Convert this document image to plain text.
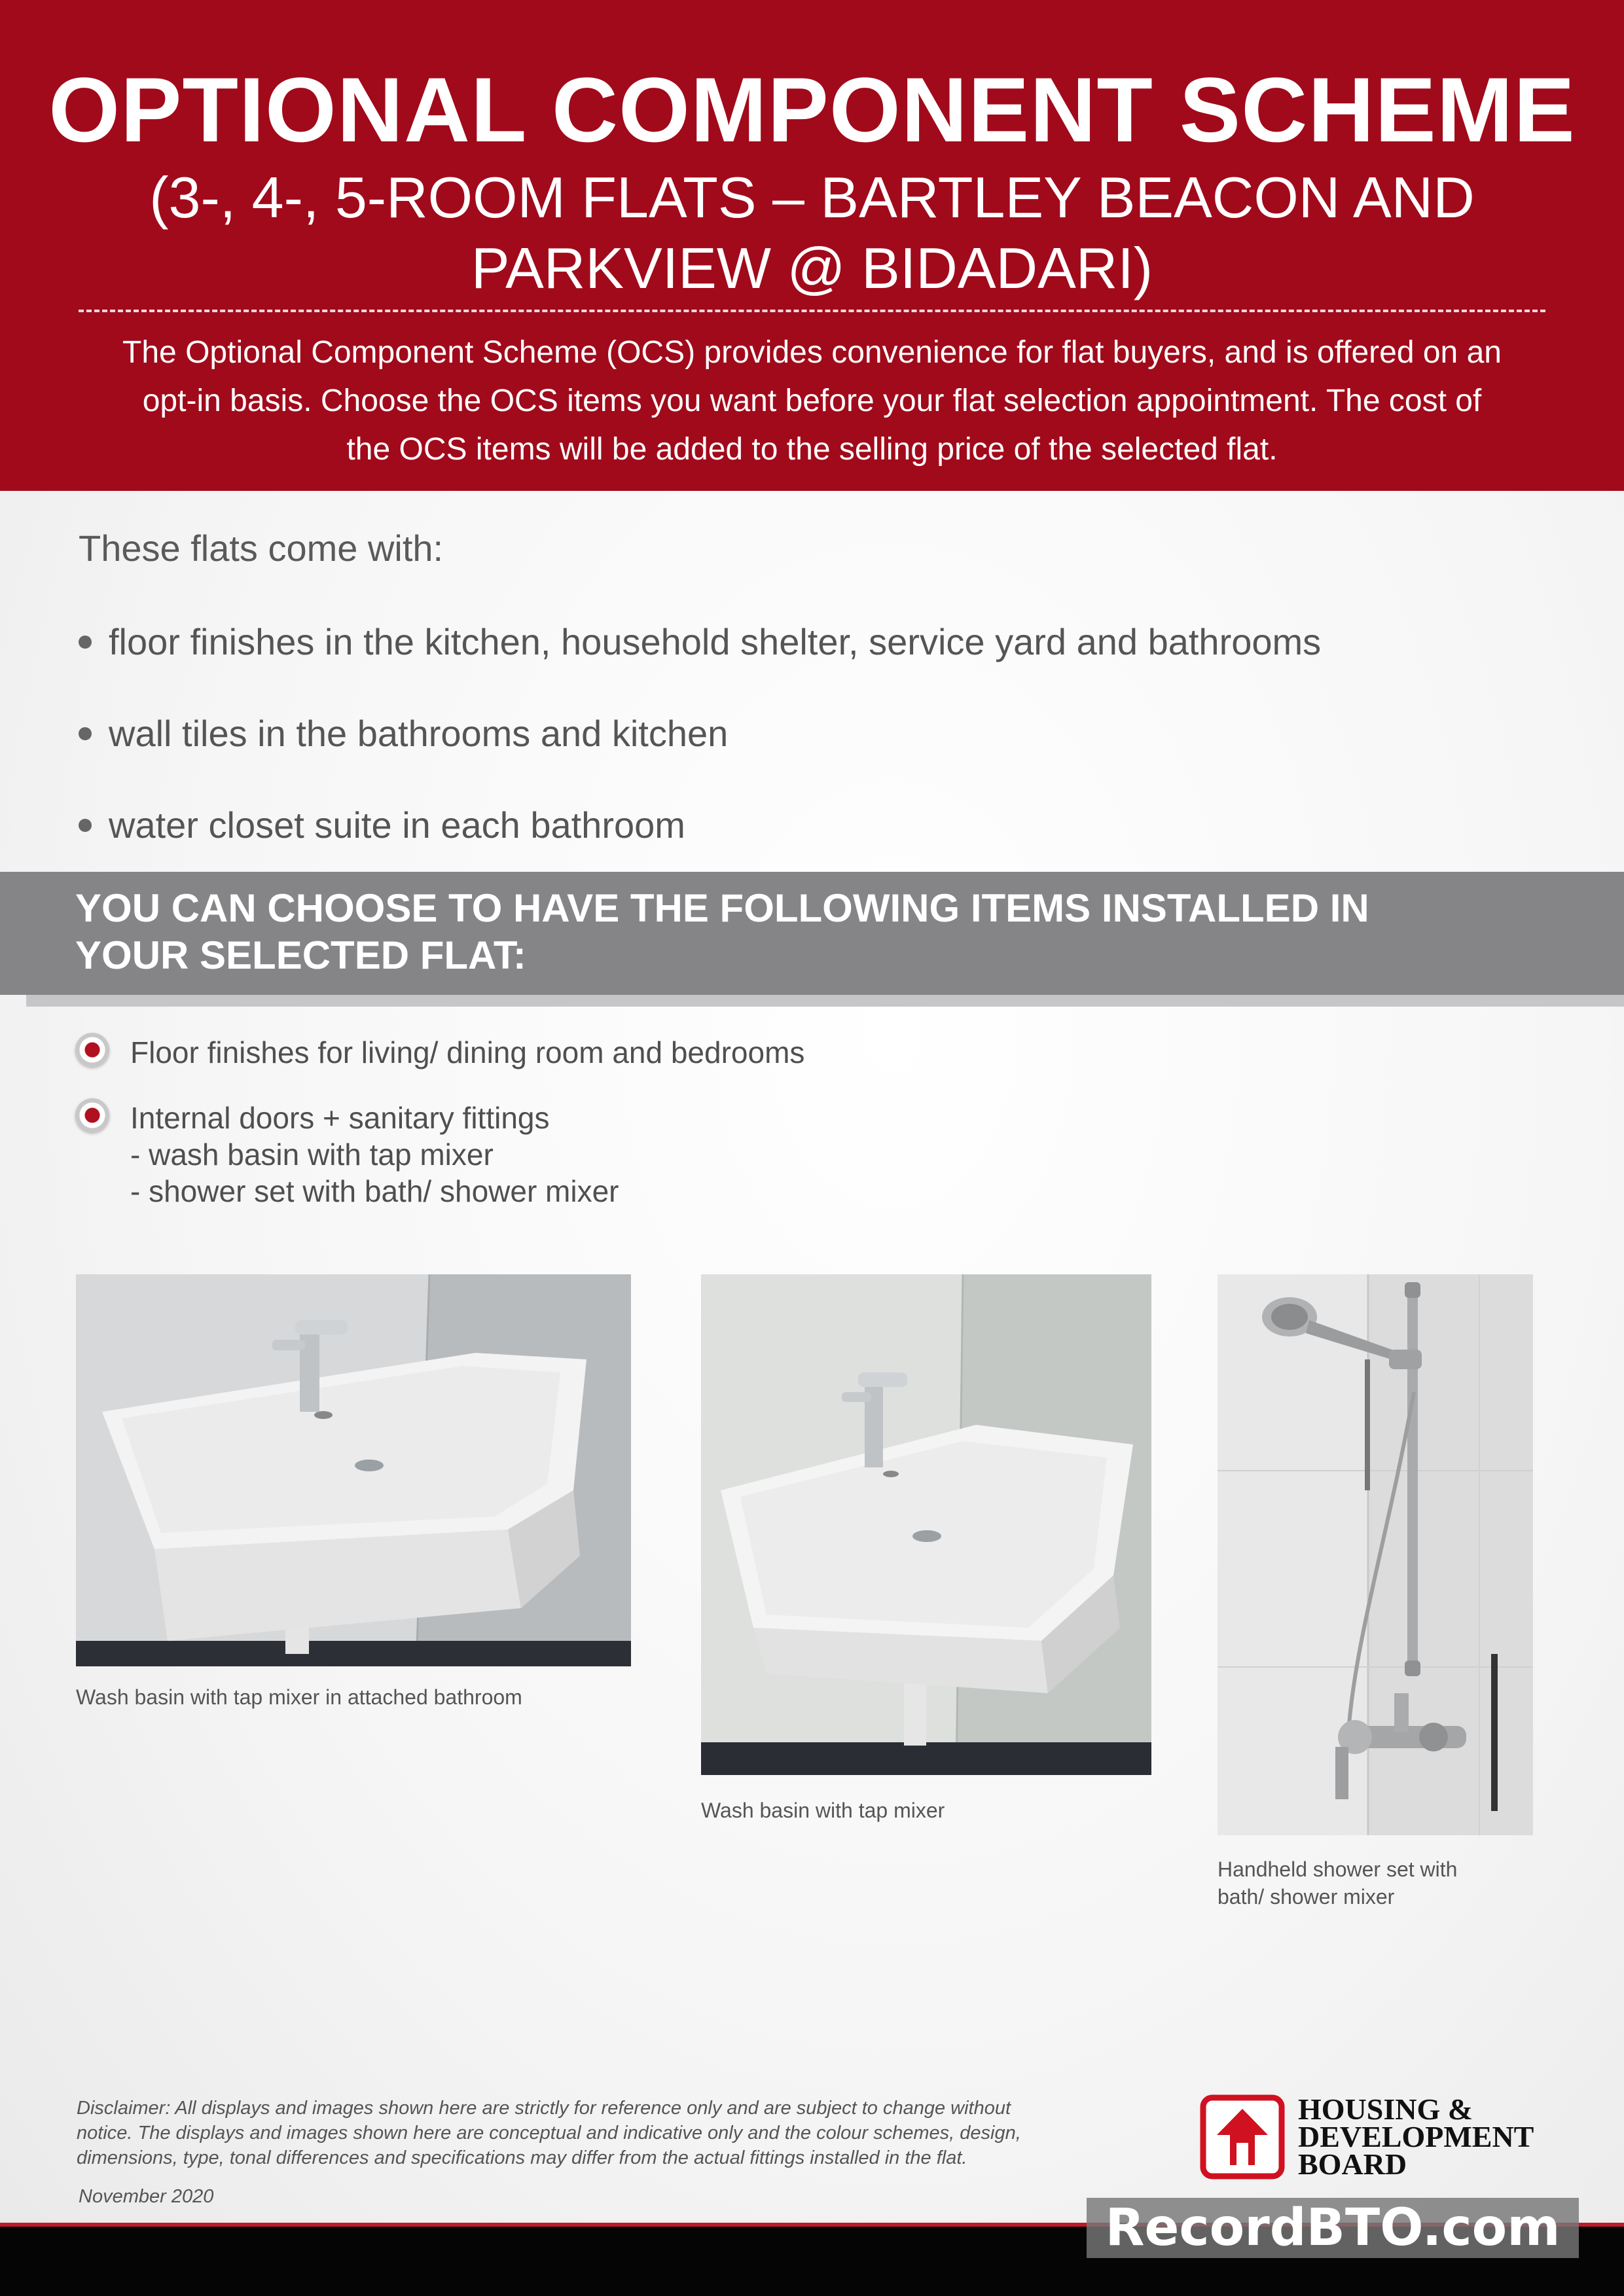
OPTIONAL COMPONENT SCHEME
(3-, 4-, 5-ROOM FLATS – BARTLEY BEACON AND
PARKVIEW @ BIDADARI)
The Optional Component Scheme (OCS) provides convenience for flat buyers, and is offered on an
opt-in basis. Choose the OCS items you want before your flat selection appointment. The cost of
the OCS items will be added to the selling price of the selected flat.
These flats come with:
floor finishes in the kitchen, household shelter, service yard and bathrooms
wall tiles in the bathrooms and kitchen
water closet suite in each bathroom
YOU CAN CHOOSE TO HAVE THE FOLLOWING ITEMS INSTALLED IN
YOUR SELECTED FLAT:
Floor finishes for living/ dining room and bedrooms
Internal doors + sanitary fittings
- wash basin with tap mixer
- shower set with bath/ shower mixer
Wash basin with tap mixer in attached bathroom
Wash basin with tap mixer
Handheld shower set with
bath/ shower mixer
Disclaimer: All displays and images shown here are strictly for reference only and are subject to change without
notice. The displays and images shown here are conceptual and indicative only and the colour schemes, design,
dimensions, type, tonal differences and specifications may differ from the actual fittings installed in the flat.
November 2020
HOUSING &
DEVELOPMENT
BOARD
RecordBTO.com
